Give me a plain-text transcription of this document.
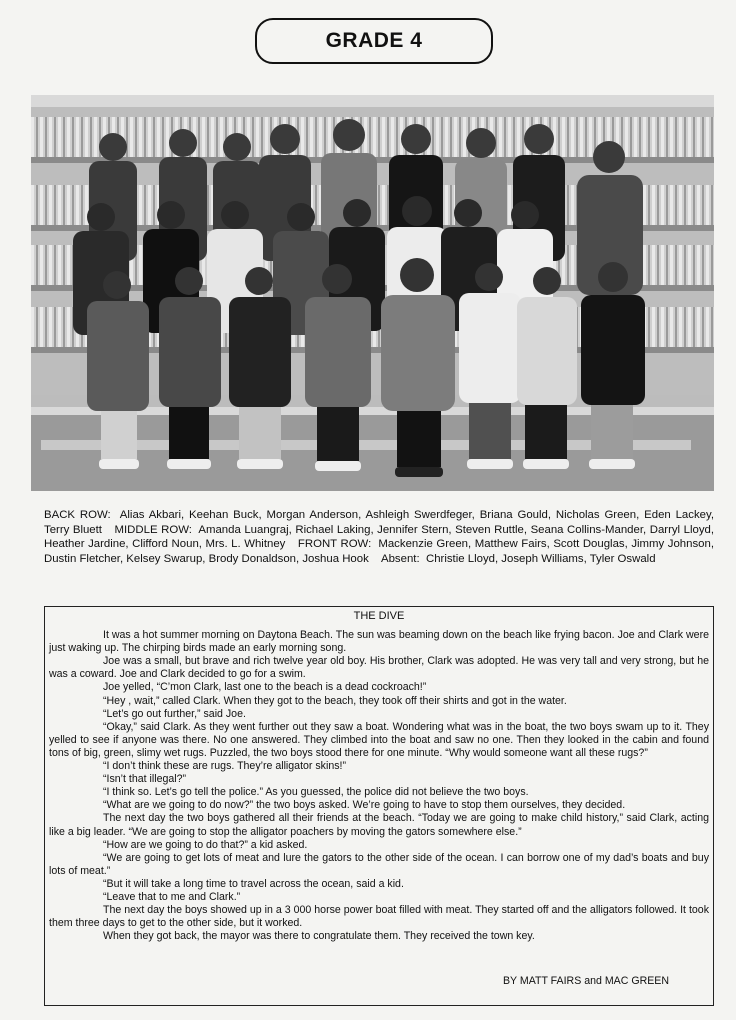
GRADE 4
BACK ROW: Alias Akbari, Keehan Buck, Morgan Anderson, Ashleigh Swerdfeger, Briana Gould, Nicholas Green, Eden Lackey, Terry Bluett MIDDLE ROW: Amanda Luangraj, Richael Laking, Jennifer Stern, Steven Ruttle, Seana Collins-Mander, Darryl Lloyd, Heather Jardine, Clifford Noun, Mrs. L. Whitney FRONT ROW: Mackenzie Green, Matthew Fairs, Scott Douglas, Jimmy Johnson, Dustin Fletcher, Kelsey Swarup, Brody Donaldson, Joshua Hook Absent: Christie Lloyd, Joseph Williams, Tyler Oswald
THE DIVE

It was a hot summer morning on Daytona Beach. The sun was beaming down on the beach like frying bacon. Joe and Clark were just waking up. The chirping birds made an early morning song.

Joe was a small, but brave and rich twelve year old boy. His brother, Clark was adopted. He was very tall and very strong, but he was a coward. Joe and Clark decided to go for a swim.

Joe yelled, “C’mon Clark, last one to the beach is a dead cockroach!”

“Hey , wait,” called Clark. When they got to the beach, they took off their shirts and got in the water.

“Let’s go out further,” said Joe.

“Okay,” said Clark. As they went further out they saw a boat. Wondering what was in the boat, the two boys swam up to it. They yelled to see if anyone was there. No one answered. They climbed into the boat and saw no one. Then they looked in the cabin and found tons of big, green, slimy wet rugs. Puzzled, the two boys stood there for one minute. “Why would someone want all these rugs?”

“I don’t think these are rugs. They’re alligator skins!”

“Isn’t that illegal?”

“I think so. Let’s go tell the police.” As you guessed, the police did not believe the two boys.

“What are we going to do now?” the two boys asked. We’re going to have to stop them ourselves, they decided.

The next day the two boys gathered all their friends at the beach. “Today we are going to make child history,” said Clark, acting like a big leader. “We are going to stop the alligator poachers by moving the gators somewhere else.”

“How are we going to do that?” a kid asked.

“We are going to get lots of meat and lure the gators to the other side of the ocean. I can borrow one of my dad’s boats and buy lots of meat.”

“But it will take a long time to travel across the ocean, said a kid.

“Leave that to me and Clark.”

The next day the boys showed up in a 3 000 horse power boat filled with meat. They started off and the alligators followed. It took them three days to get to the other side, but it worked.

When they got back, the mayor was there to congratulate them. They received the town key.

BY MATT FAIRS and MAC GREEN
